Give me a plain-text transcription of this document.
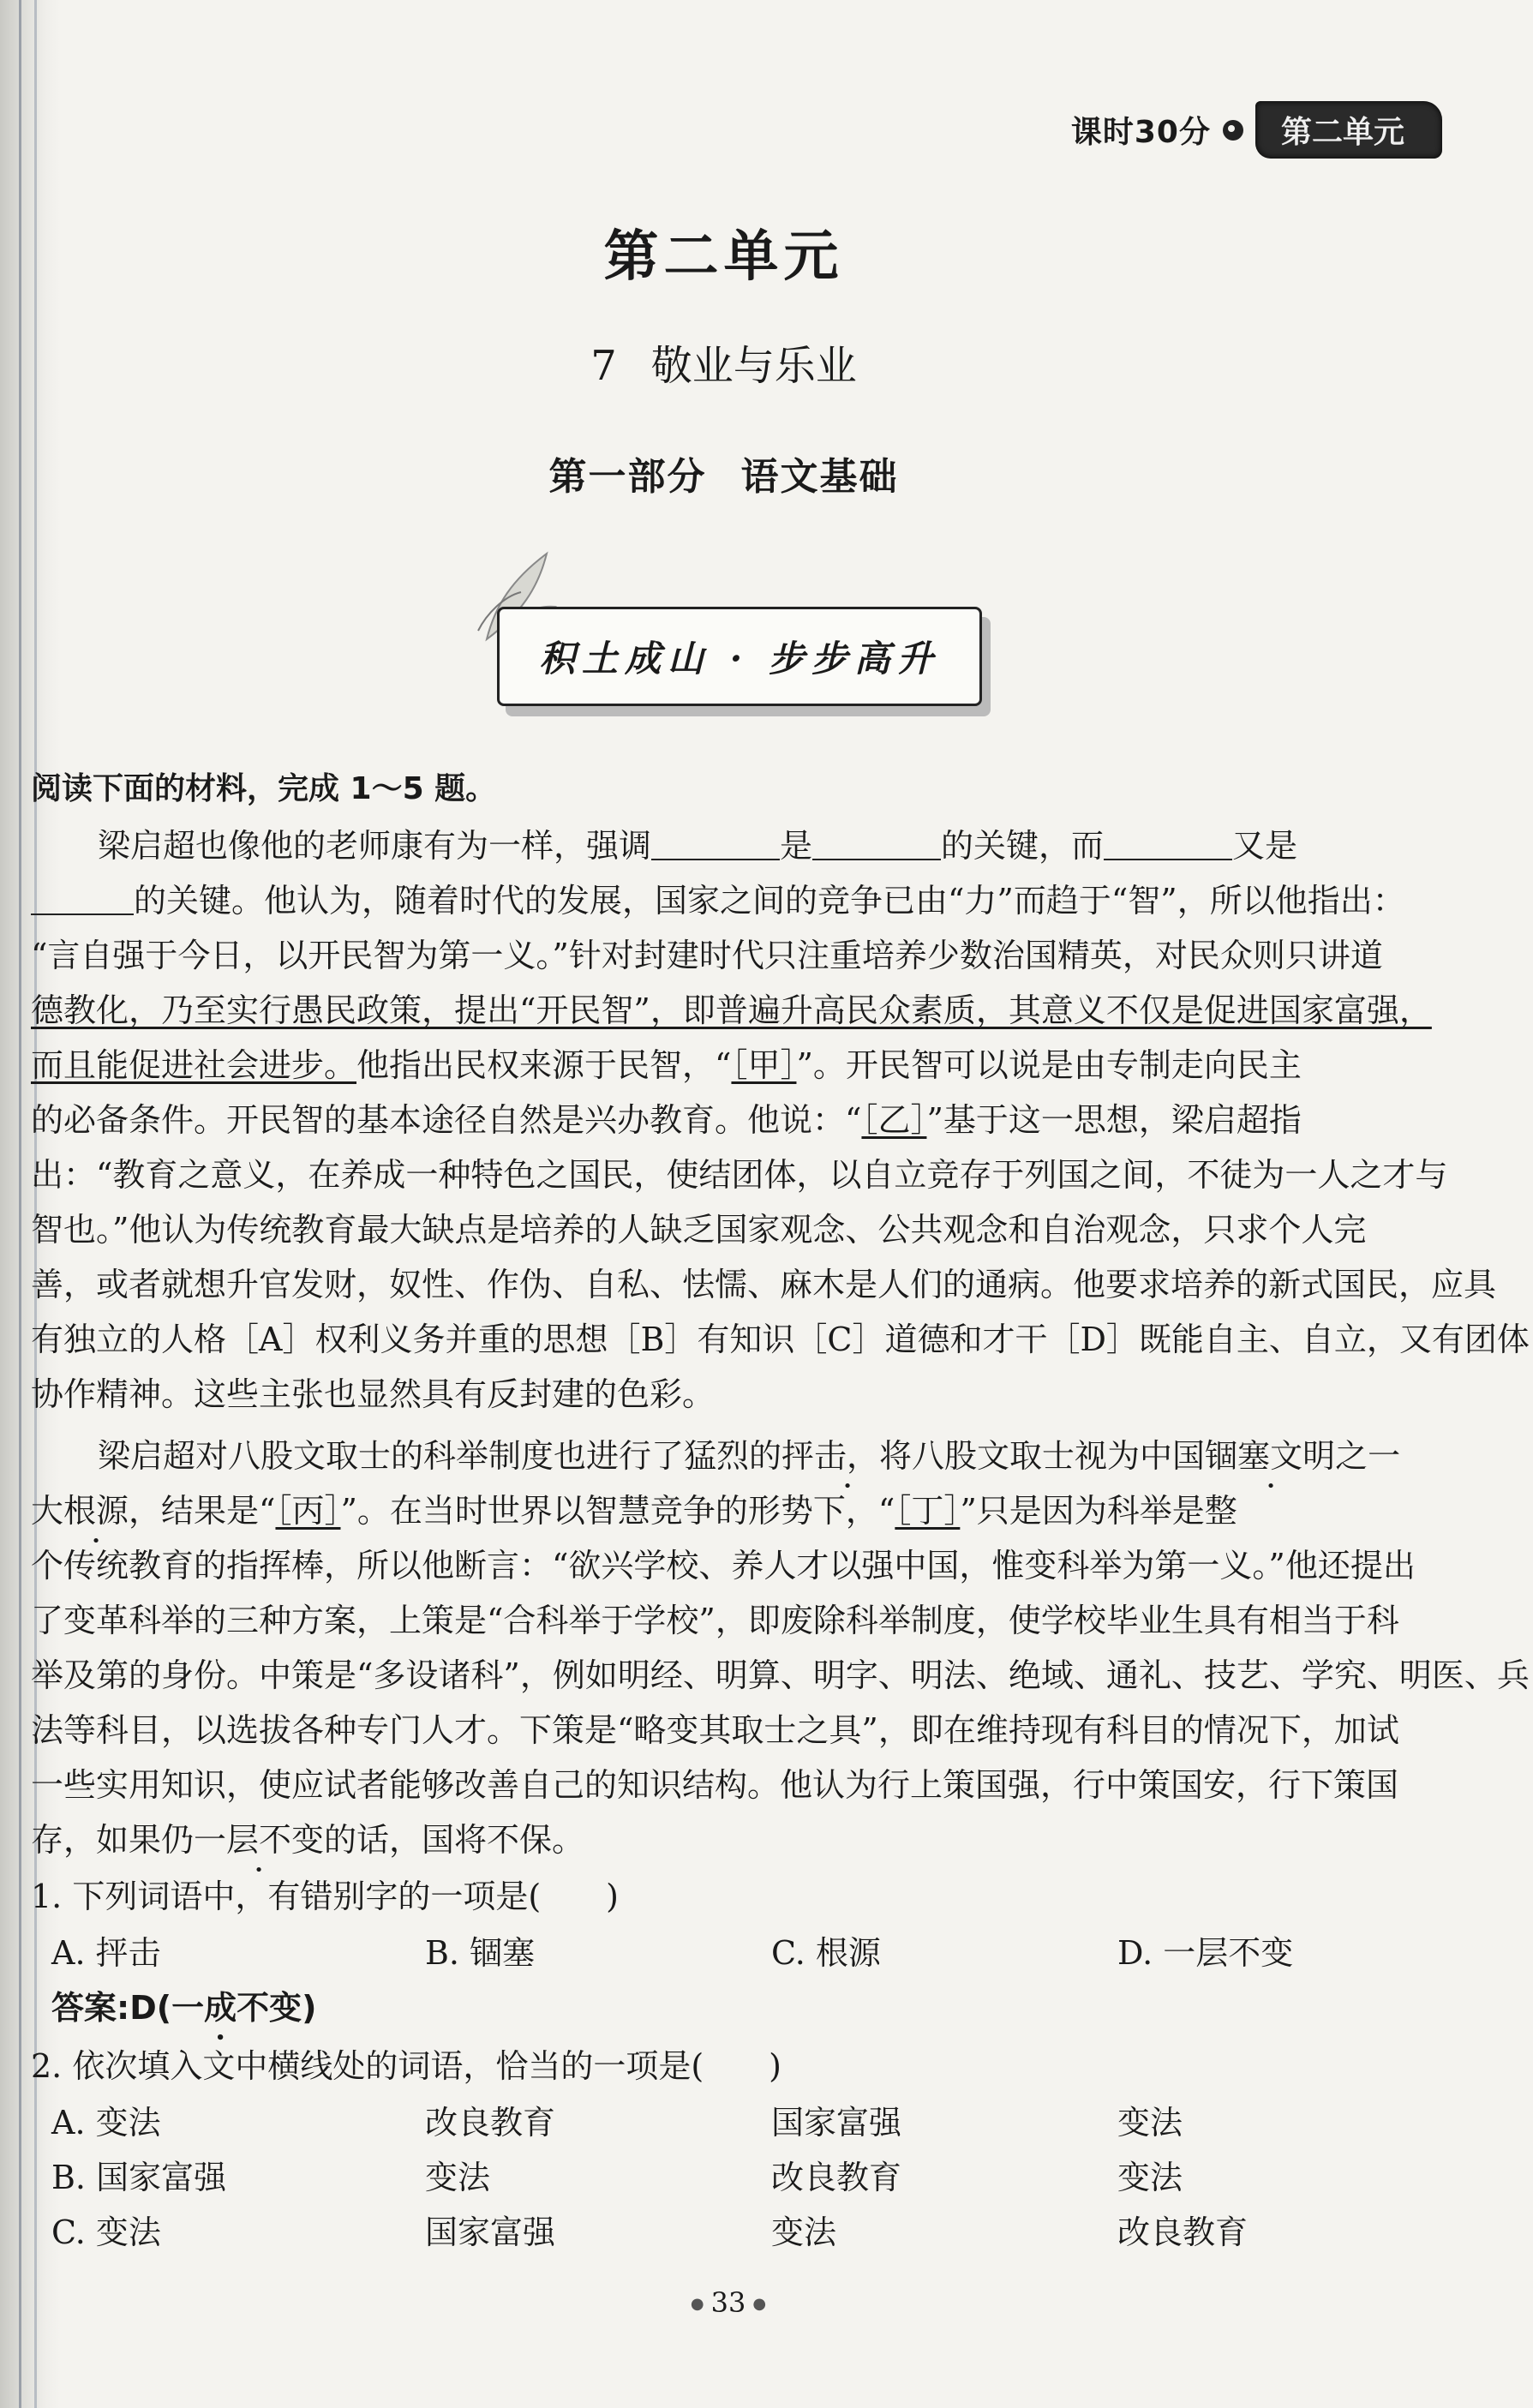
课时30分	第二单元
第二单元
7 敬业与乐业
第一部分 语文基础
积土成山 · 步步高升
阅读下面的材料，完成 1～5 题。
梁启超也像他的老师康有为一样，强调	是	的关键，而	又是
的关键。他认为，随着时代的发展，国家之间的竞争已由“力”而趋于“智”，所以他指出：
“言自强于今日，以开民智为第一义。”针对封建时代只注重培养少数治国精英，对民众则只讲道
德教化，乃至实行愚民政策，提出“开民智”，即普遍升高民众素质，其意义不仅是促进国家富强，
而且能促进社会进步。他指出民权来源于民智，“［甲］”。开民智可以说是由专制走向民主
的必备条件。开民智的基本途径自然是兴办教育。他说：“［乙］”基于这一思想，梁启超指
出：“教育之意义，在养成一种特色之国民，使结团体，以自立竞存于列国之间，不徒为一人之才与
智也。”他认为传统教育最大缺点是培养的人缺乏国家观念、公共观念和自治观念，只求个人完
善，或者就想升官发财，奴性、作伪、自私、怯懦、麻木是人们的通病。他要求培养的新式国民，应具
有独立的人格［A］权利义务并重的思想［B］有知识［C］道德和才干［D］既能自主、自立，又有团体
协作精神。这些主张也显然具有反封建的色彩。
梁启超对八股文取士的科举制度也进行了猛烈的抨击，将八股文取士视为中国锢塞文明之一
大根源，结果是“［丙］”。在当时世界以智慧竞争的形势下，“［丁］”只是因为科举是整
个传统教育的指挥棒，所以他断言：“欲兴学校、养人才以强中国，惟变科举为第一义。”他还提出
了变革科举的三种方案，上策是“合科举于学校”，即废除科举制度，使学校毕业生具有相当于科
举及第的身份。中策是“多设诸科”，例如明经、明算、明字、明法、绝域、通礼、技艺、学究、明医、兵
法等科目，以选拔各种专门人才。下策是“略变其取士之具”，即在维持现有科目的情况下，加试
一些实用知识，使应试者能够改善自己的知识结构。他认为行上策国强，行中策国安，行下策国
存，如果仍一层不变的话，国将不保。
1. 下列词语中，有错别字的一项是(　　)
A. 抨击	B. 锢塞	C. 根源	D. 一层不变
答案:D(一成不变)
2. 依次填入文中横线处的词语，恰当的一项是(　　)
A. 变法	改良教育	国家富强	变法
B. 国家富强	变法	改良教育	变法
C. 变法	国家富强	变法	改良教育
● 33 ●
